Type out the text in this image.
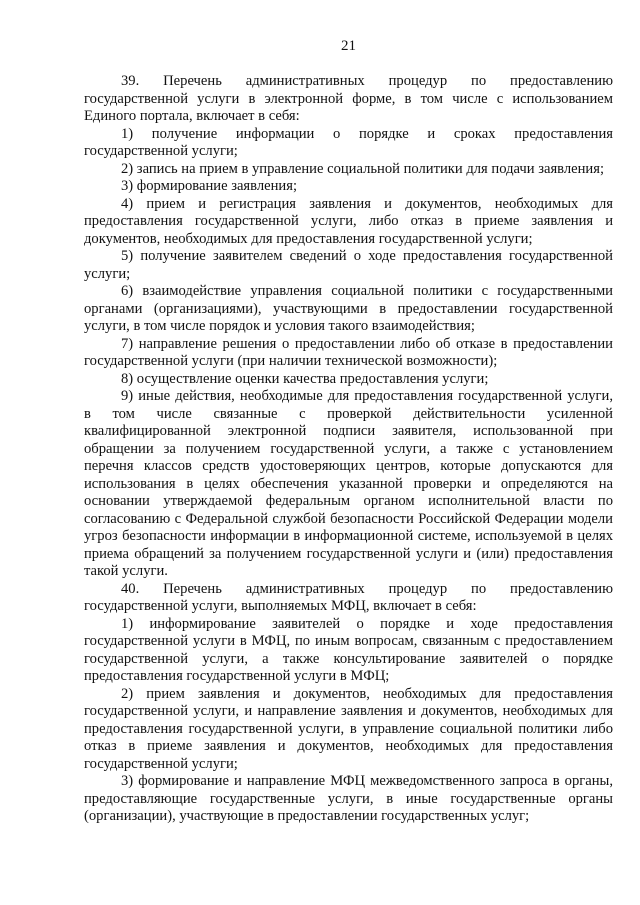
21

39. Перечень административных процедур по предоставлению государственной услуги в электронной форме, в том числе с использованием Единого портала, включает в себя:

1) получение информации о порядке и сроках предоставления государственной услуги;

2) запись на прием в управление социальной политики для подачи заявления;

3) формирование заявления;

4) прием и регистрация заявления и документов, необходимых для предоставления государственной услуги, либо отказ в приеме заявления и документов, необходимых для предоставления государственной услуги;

5) получение заявителем сведений о ходе предоставления государственной услуги;

6) взаимодействие управления социальной политики с государственными органами (организациями), участвующими в предоставлении государственной услуги, в том числе порядок и условия такого взаимодействия;

7) направление решения о предоставлении либо об отказе в предоставлении государственной услуги (при наличии технической возможности);

8) осуществление оценки качества предоставления услуги;

9) иные действия, необходимые для предоставления государственной услуги, в том числе связанные с проверкой действительности усиленной квалифицированной электронной подписи заявителя, использованной при обращении за получением государственной услуги, а также с установлением перечня классов средств удостоверяющих центров, которые допускаются для использования в целях обеспечения указанной проверки и определяются на основании утверждаемой федеральным органом исполнительной власти по согласованию с Федеральной службой безопасности Российской Федерации модели угроз безопасности информации в информационной системе, используемой в целях приема обращений за получением государственной услуги и (или) предоставления такой услуги.

40. Перечень административных процедур по предоставлению государственной услуги, выполняемых МФЦ, включает в себя:

1) информирование заявителей о порядке и ходе предоставления государственной услуги в МФЦ, по иным вопросам, связанным с предоставлением государственной услуги, а также консультирование заявителей о порядке предоставления государственной услуги в МФЦ;

2) прием заявления и документов, необходимых для предоставления государственной услуги, и направление заявления и документов, необходимых для предоставления государственной услуги, в управление социальной политики либо отказ в приеме заявления и документов, необходимых для предоставления государственной услуги;

3) формирование и направление МФЦ межведомственного запроса в органы, предоставляющие государственные услуги, в иные государственные органы (организации), участвующие в предоставлении государственных услуг;
